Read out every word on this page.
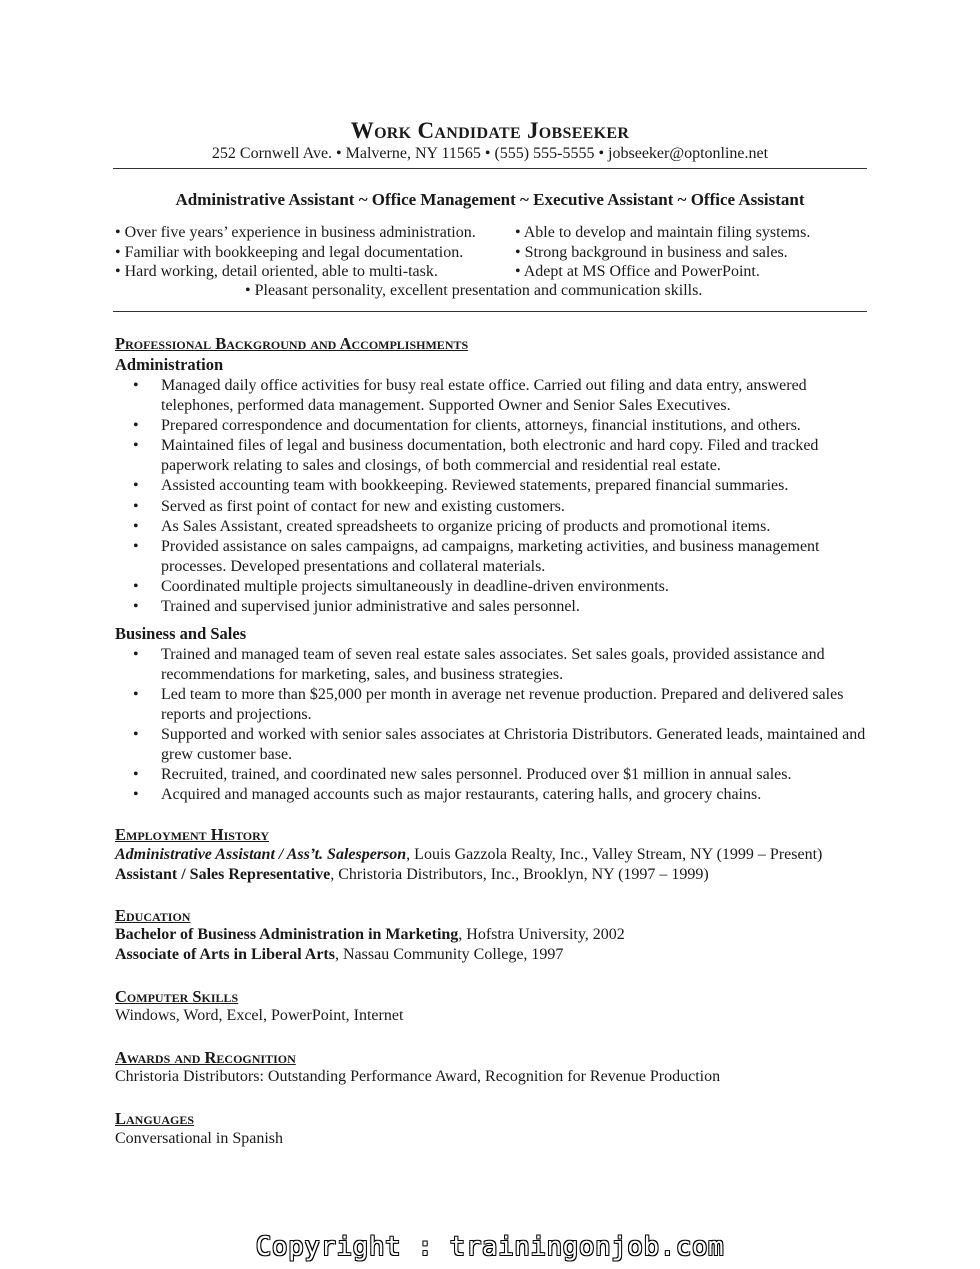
Work Candidate Jobseeker
252 Cornwell Ave. • Malverne, NY 11565 • (555) 555-5555 • jobseeker@optonline.net
Administrative Assistant ~ Office Management ~ Executive Assistant ~ Office Assistant
• Over five years’ experience in business administration.
• Familiar with bookkeeping and legal documentation.
• Hard working, detail oriented, able to multi-task.
• Able to develop and maintain filing systems.
• Strong background in business and sales.
• Adept at MS Office and PowerPoint.
• Pleasant personality, excellent presentation and communication skills.
Professional Background and Accomplishments
Administration
• Managed daily office activities for busy real estate office. Carried out filing and data entry, answered telephones, performed data management. Supported Owner and Senior Sales Executives.
• Prepared correspondence and documentation for clients, attorneys, financial institutions, and others.
• Maintained files of legal and business documentation, both electronic and hard copy. Filed and tracked paperwork relating to sales and closings, of both commercial and residential real estate.
• Assisted accounting team with bookkeeping. Reviewed statements, prepared financial summaries.
• Served as first point of contact for new and existing customers.
• As Sales Assistant, created spreadsheets to organize pricing of products and promotional items.
• Provided assistance on sales campaigns, ad campaigns, marketing activities, and business management processes. Developed presentations and collateral materials.
• Coordinated multiple projects simultaneously in deadline-driven environments.
• Trained and supervised junior administrative and sales personnel.
Business and Sales
• Trained and managed team of seven real estate sales associates. Set sales goals, provided assistance and recommendations for marketing, sales, and business strategies.
• Led team to more than $25,000 per month in average net revenue production. Prepared and delivered sales reports and projections.
• Supported and worked with senior sales associates at Christoria Distributors. Generated leads, maintained and grew customer base.
• Recruited, trained, and coordinated new sales personnel. Produced over $1 million in annual sales.
• Acquired and managed accounts such as major restaurants, catering halls, and grocery chains.
Employment History
Administrative Assistant / Ass’t. Salesperson, Louis Gazzola Realty, Inc., Valley Stream, NY (1999 – Present)
Assistant / Sales Representative, Christoria Distributors, Inc., Brooklyn, NY (1997 – 1999)
Education
Bachelor of Business Administration in Marketing, Hofstra University, 2002
Associate of Arts in Liberal Arts, Nassau Community College, 1997
Computer Skills
Windows, Word, Excel, PowerPoint, Internet
Awards and Recognition
Christoria Distributors: Outstanding Performance Award, Recognition for Revenue Production
Languages
Conversational in Spanish
Copyright : trainingonjob.com
